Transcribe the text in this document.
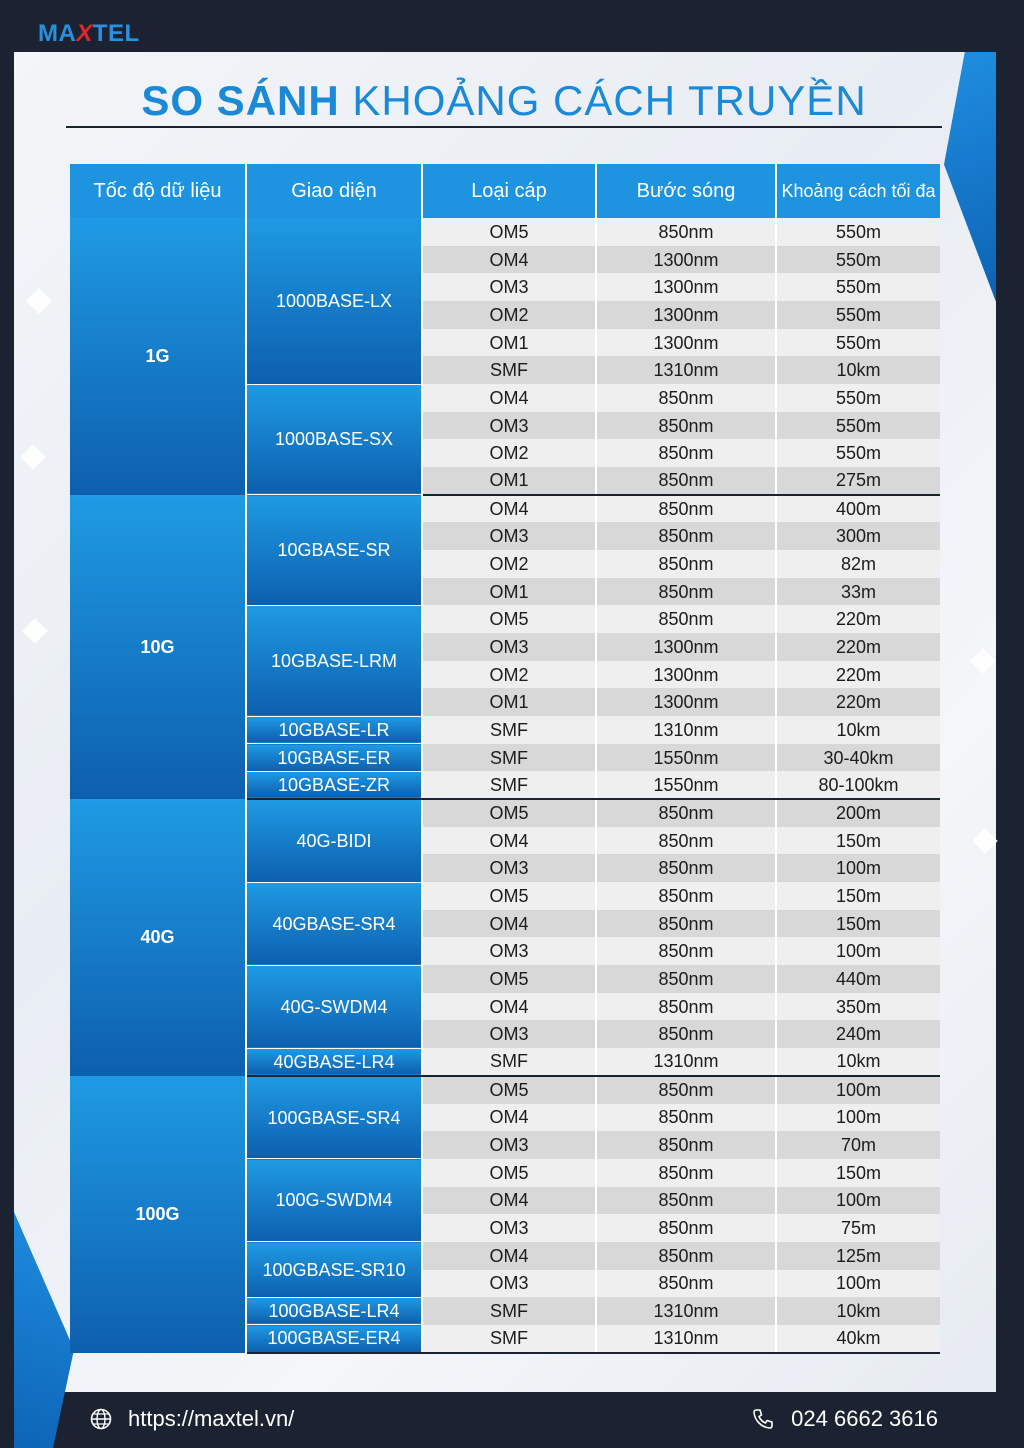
MAXTEL
SO SÁNH KHOẢNG CÁCH TRUYỀN
Tốc độ dữ liệu	Giao diện	Loại cáp	Bước sóng	Khoảng cách tối đa
1G	1000BASE-LX	OM5	850nm	550m
		OM4	1300nm	550m
		OM3	1300nm	550m
		OM2	1300nm	550m
		OM1	1300nm	550m
		SMF	1310nm	10km
	1000BASE-SX	OM4	850nm	550m
		OM3	850nm	550m
		OM2	850nm	550m
		OM1	850nm	275m
10G	10GBASE-SR	OM4	850nm	400m
		OM3	850nm	300m
		OM2	850nm	82m
		OM1	850nm	33m
	10GBASE-LRM	OM5	850nm	220m
		OM3	1300nm	220m
		OM2	1300nm	220m
		OM1	1300nm	220m
	10GBASE-LR	SMF	1310nm	10km
	10GBASE-ER	SMF	1550nm	30-40km
	10GBASE-ZR	SMF	1550nm	80-100km
40G	40G-BIDI	OM5	850nm	200m
		OM4	850nm	150m
		OM3	850nm	100m
	40GBASE-SR4	OM5	850nm	150m
		OM4	850nm	150m
		OM3	850nm	100m
	40G-SWDM4	OM5	850nm	440m
		OM4	850nm	350m
		OM3	850nm	240m
	40GBASE-LR4	SMF	1310nm	10km
100G	100GBASE-SR4	OM5	850nm	100m
		OM4	850nm	100m
		OM3	850nm	70m
	100G-SWDM4	OM5	850nm	150m
		OM4	850nm	100m
		OM3	850nm	75m
	100GBASE-SR10	OM4	850nm	125m
		OM3	850nm	100m
	100GBASE-LR4	SMF	1310nm	10km
	100GBASE-ER4	SMF	1310nm	40km
https://maxtel.vn/	024 6662 3616
